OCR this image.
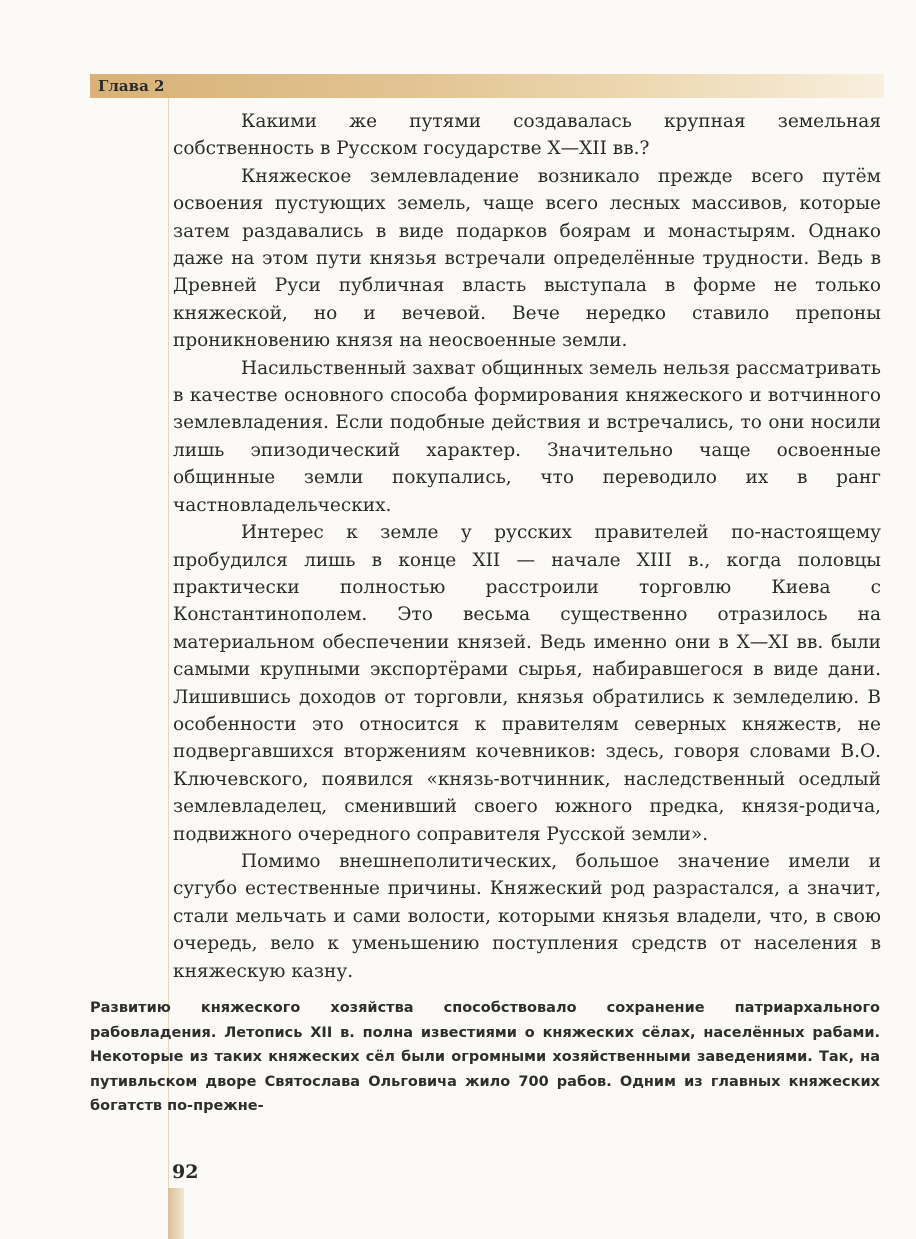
Глава 2

Какими же путями создавалась крупная земельная собственность в Русском государстве X—XII вв.?

Княжеское землевладение возникало прежде всего путём освоения пустующих земель, чаще всего лесных массивов, которые затем раздавались в виде подарков боярам и монастырям. Однако даже на этом пути князья встречали определённые трудности. Ведь в Древней Руси публичная власть выступала в форме не только княжеской, но и вечевой. Вече нередко ставило препоны проникновению князя на неосвоенные земли.

Насильственный захват общинных земель нельзя рассматривать в качестве основного способа формирования княжеского и вотчинного землевладения. Если подобные действия и встречались, то они носили лишь эпизодический характер. Значительно чаще освоенные общинные земли покупались, что переводило их в ранг частновладельческих.

Интерес к земле у русских правителей по-настоящему пробудился лишь в конце XII — начале XIII в., когда половцы практически полностью расстроили торговлю Киева с Константинополем. Это весьма существенно отразилось на материальном обеспечении князей. Ведь именно они в X—XI вв. были самыми крупными экспортёрами сырья, набиравшегося в виде дани. Лишившись доходов от торговли, князья обратились к земледелию. В особенности это относится к правителям северных княжеств, не подвергавшихся вторжениям кочевников: здесь, говоря словами В.О. Ключевского, появился «князь-вотчинник, наследственный оседлый землевладелец, сменивший своего южного предка, князя-родича, подвижного очередного соправителя Русской земли».

Помимо внешнеполитических, большое значение имели и сугубо естественные причины. Княжеский род разрастался, а значит, стали мельчать и сами волости, которыми князья владели, что, в свою очередь, вело к уменьшению поступления средств от населения в княжескую казну.

Развитию княжеского хозяйства способствовало сохранение патриархального рабовладения. Летопись XII в. полна известиями о княжеских сёлах, населённых рабами. Некоторые из таких княжеских сёл были огромными хозяйственными заведениями. Так, на путивльском дворе Святослава Ольговича жило 700 рабов. Одним из главных княжеских богатств по-прежне-

92
